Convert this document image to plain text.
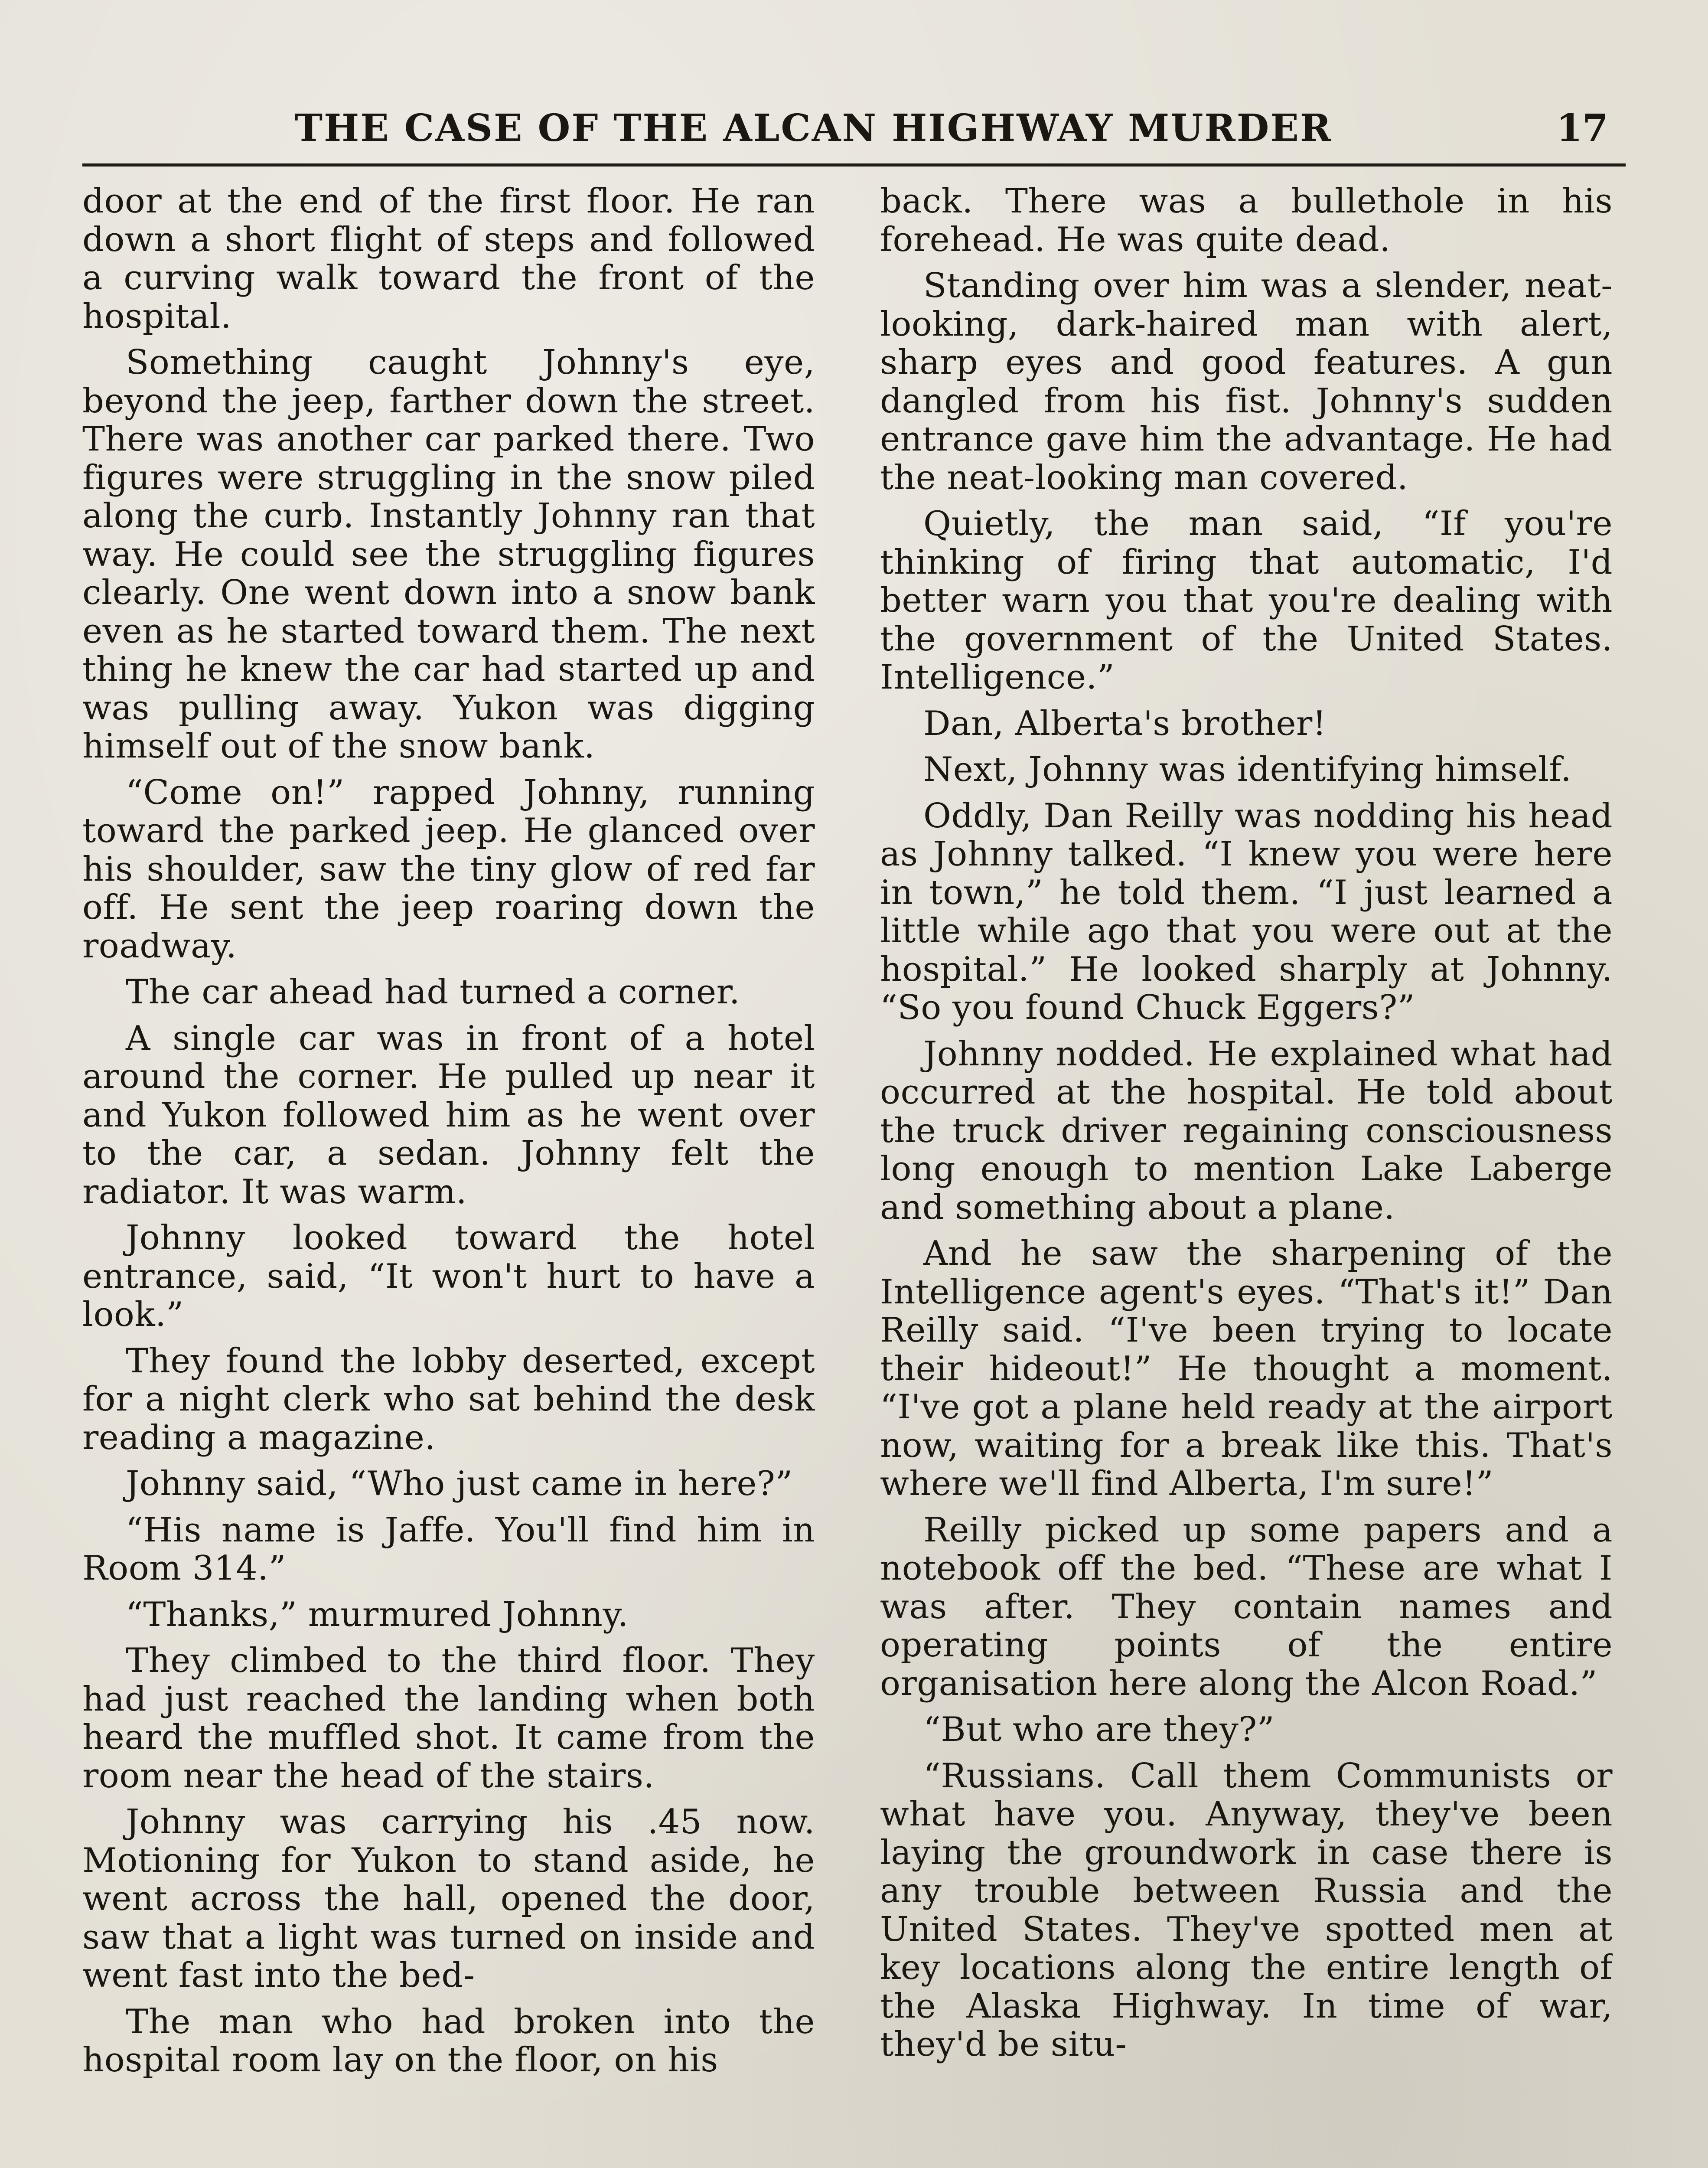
THE CASE OF THE ALCAN HIGHWAY MURDER	17

door at the end of the first floor. He ran down a short flight of steps and followed a curving walk toward the front of the hospital.

Something caught Johnny's eye, beyond the jeep, farther down the street. There was another car parked there. Two figures were struggling in the snow piled along the curb. Instantly Johnny ran that way. He could see the struggling figures clearly. One went down into a snow bank even as he started toward them. The next thing he knew the car had started up and was pulling away. Yukon was digging himself out of the snow bank.

“Come on!” rapped Johnny, running toward the parked jeep. He glanced over his shoulder, saw the tiny glow of red far off. He sent the jeep roaring down the roadway.

The car ahead had turned a corner.

A single car was in front of a hotel around the corner. He pulled up near it and Yukon followed him as he went over to the car, a sedan. Johnny felt the radiator. It was warm.

Johnny looked toward the hotel entrance, said, “It won't hurt to have a look.”

They found the lobby deserted, except for a night clerk who sat behind the desk reading a magazine.

Johnny said, “Who just came in here?”

“His name is Jaffe. You'll find him in Room 314.”

“Thanks,” murmured Johnny.

They climbed to the third floor. They had just reached the landing when both heard the muffled shot. It came from the room near the head of the stairs.

Johnny was carrying his .45 now. Motioning for Yukon to stand aside, he went across the hall, opened the door, saw that a light was turned on inside and went fast into the bed-

The man who had broken into the hospital room lay on the floor, on his

back. There was a bullethole in his forehead. He was quite dead.

Standing over him was a slender, neat-looking, dark-haired man with alert, sharp eyes and good features. A gun dangled from his fist. Johnny's sudden entrance gave him the advantage. He had the neat-looking man covered.

Quietly, the man said, “If you're thinking of firing that automatic, I'd better warn you that you're dealing with the government of the United States. Intelligence.”

Dan, Alberta's brother!

Next, Johnny was identifying himself.

Oddly, Dan Reilly was nodding his head as Johnny talked. “I knew you were here in town,” he told them. “I just learned a little while ago that you were out at the hospital.” He looked sharply at Johnny. “So you found Chuck Eggers?”

Johnny nodded. He explained what had occurred at the hospital. He told about the truck driver regaining consciousness long enough to mention Lake Laberge and something about a plane.

And he saw the sharpening of the Intelligence agent's eyes. “That's it!” Dan Reilly said. “I've been trying to locate their hideout!” He thought a moment. “I've got a plane held ready at the airport now, waiting for a break like this. That's where we'll find Alberta, I'm sure!”

Reilly picked up some papers and a notebook off the bed. “These are what I was after. They contain names and operating points of the entire organisation here along the Alcon Road.”

“But who are they?”

“Russians. Call them Communists or what have you. Anyway, they've been laying the groundwork in case there is any trouble between Russia and the United States. They've spotted men at key locations along the entire length of the Alaska Highway. In time of war, they'd be situ-
